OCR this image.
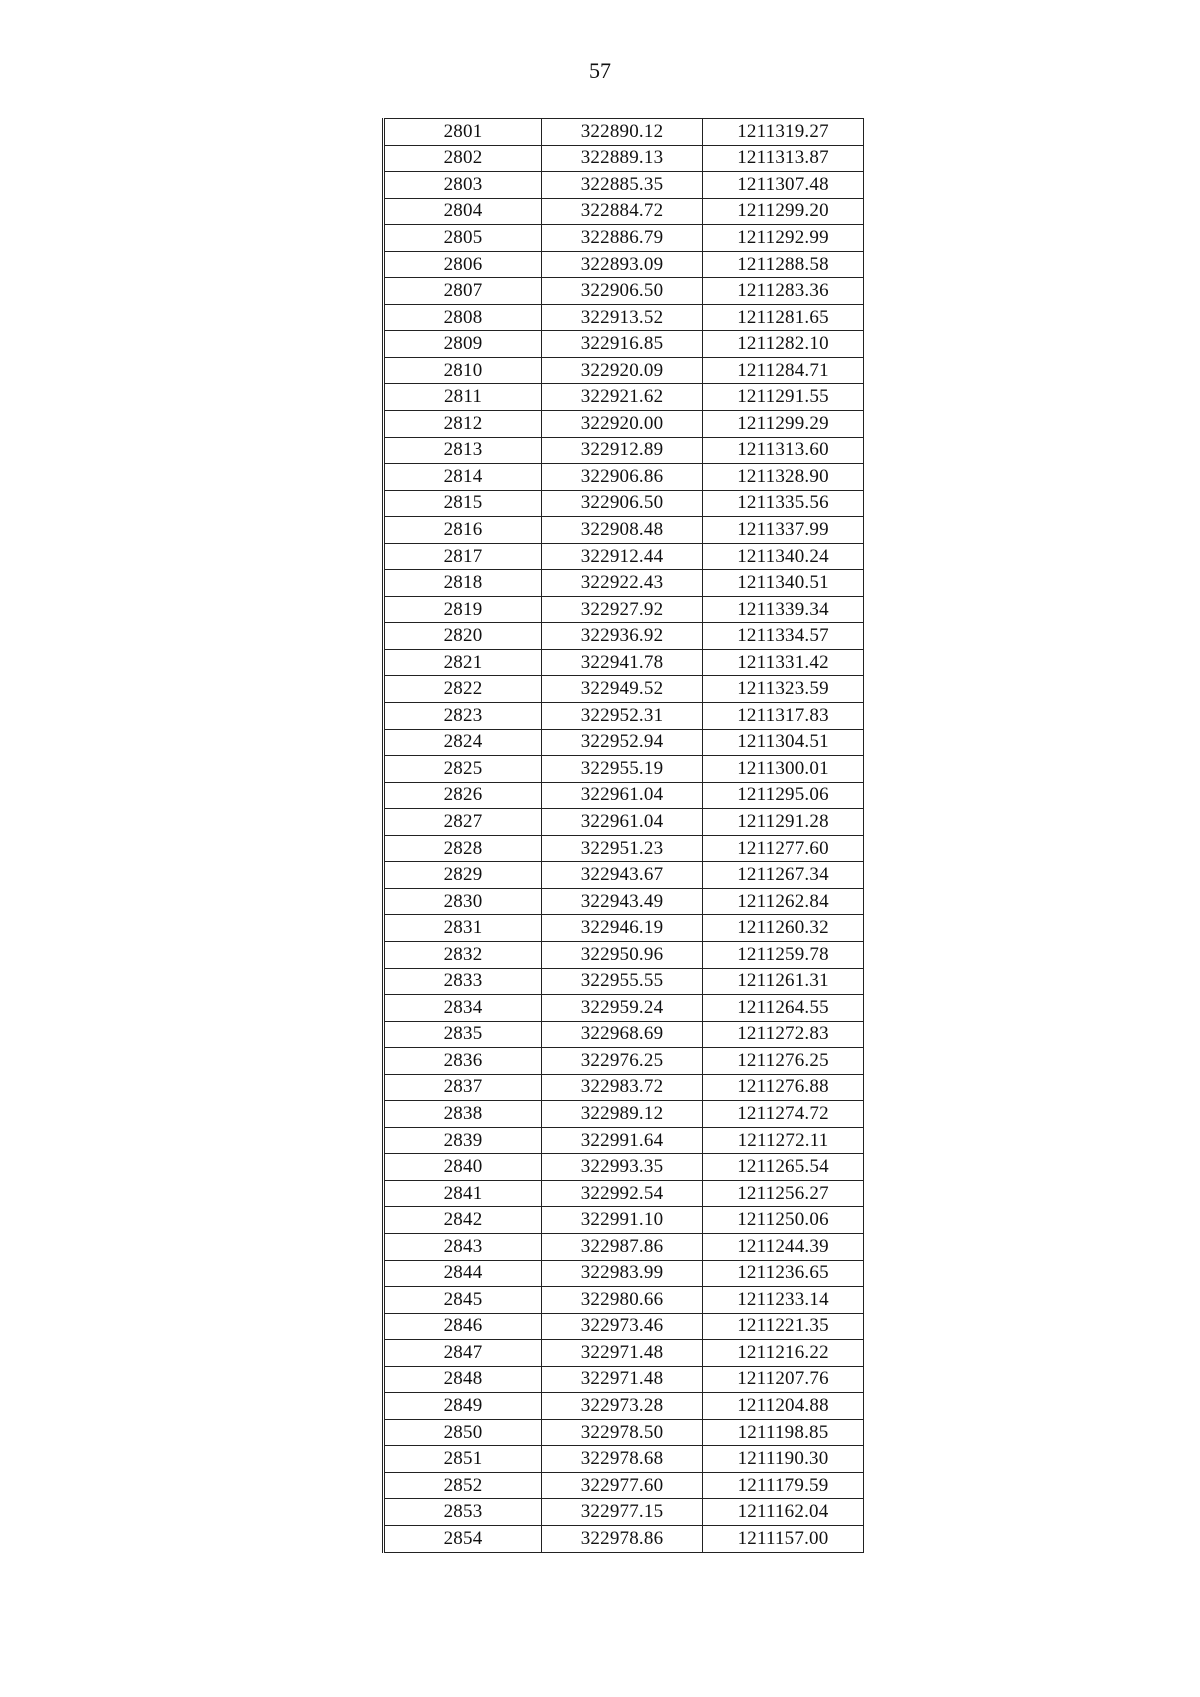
57
2801	322890.12	1211319.27
2802	322889.13	1211313.87
2803	322885.35	1211307.48
2804	322884.72	1211299.20
2805	322886.79	1211292.99
2806	322893.09	1211288.58
2807	322906.50	1211283.36
2808	322913.52	1211281.65
2809	322916.85	1211282.10
2810	322920.09	1211284.71
2811	322921.62	1211291.55
2812	322920.00	1211299.29
2813	322912.89	1211313.60
2814	322906.86	1211328.90
2815	322906.50	1211335.56
2816	322908.48	1211337.99
2817	322912.44	1211340.24
2818	322922.43	1211340.51
2819	322927.92	1211339.34
2820	322936.92	1211334.57
2821	322941.78	1211331.42
2822	322949.52	1211323.59
2823	322952.31	1211317.83
2824	322952.94	1211304.51
2825	322955.19	1211300.01
2826	322961.04	1211295.06
2827	322961.04	1211291.28
2828	322951.23	1211277.60
2829	322943.67	1211267.34
2830	322943.49	1211262.84
2831	322946.19	1211260.32
2832	322950.96	1211259.78
2833	322955.55	1211261.31
2834	322959.24	1211264.55
2835	322968.69	1211272.83
2836	322976.25	1211276.25
2837	322983.72	1211276.88
2838	322989.12	1211274.72
2839	322991.64	1211272.11
2840	322993.35	1211265.54
2841	322992.54	1211256.27
2842	322991.10	1211250.06
2843	322987.86	1211244.39
2844	322983.99	1211236.65
2845	322980.66	1211233.14
2846	322973.46	1211221.35
2847	322971.48	1211216.22
2848	322971.48	1211207.76
2849	322973.28	1211204.88
2850	322978.50	1211198.85
2851	322978.68	1211190.30
2852	322977.60	1211179.59
2853	322977.15	1211162.04
2854	322978.86	1211157.00
